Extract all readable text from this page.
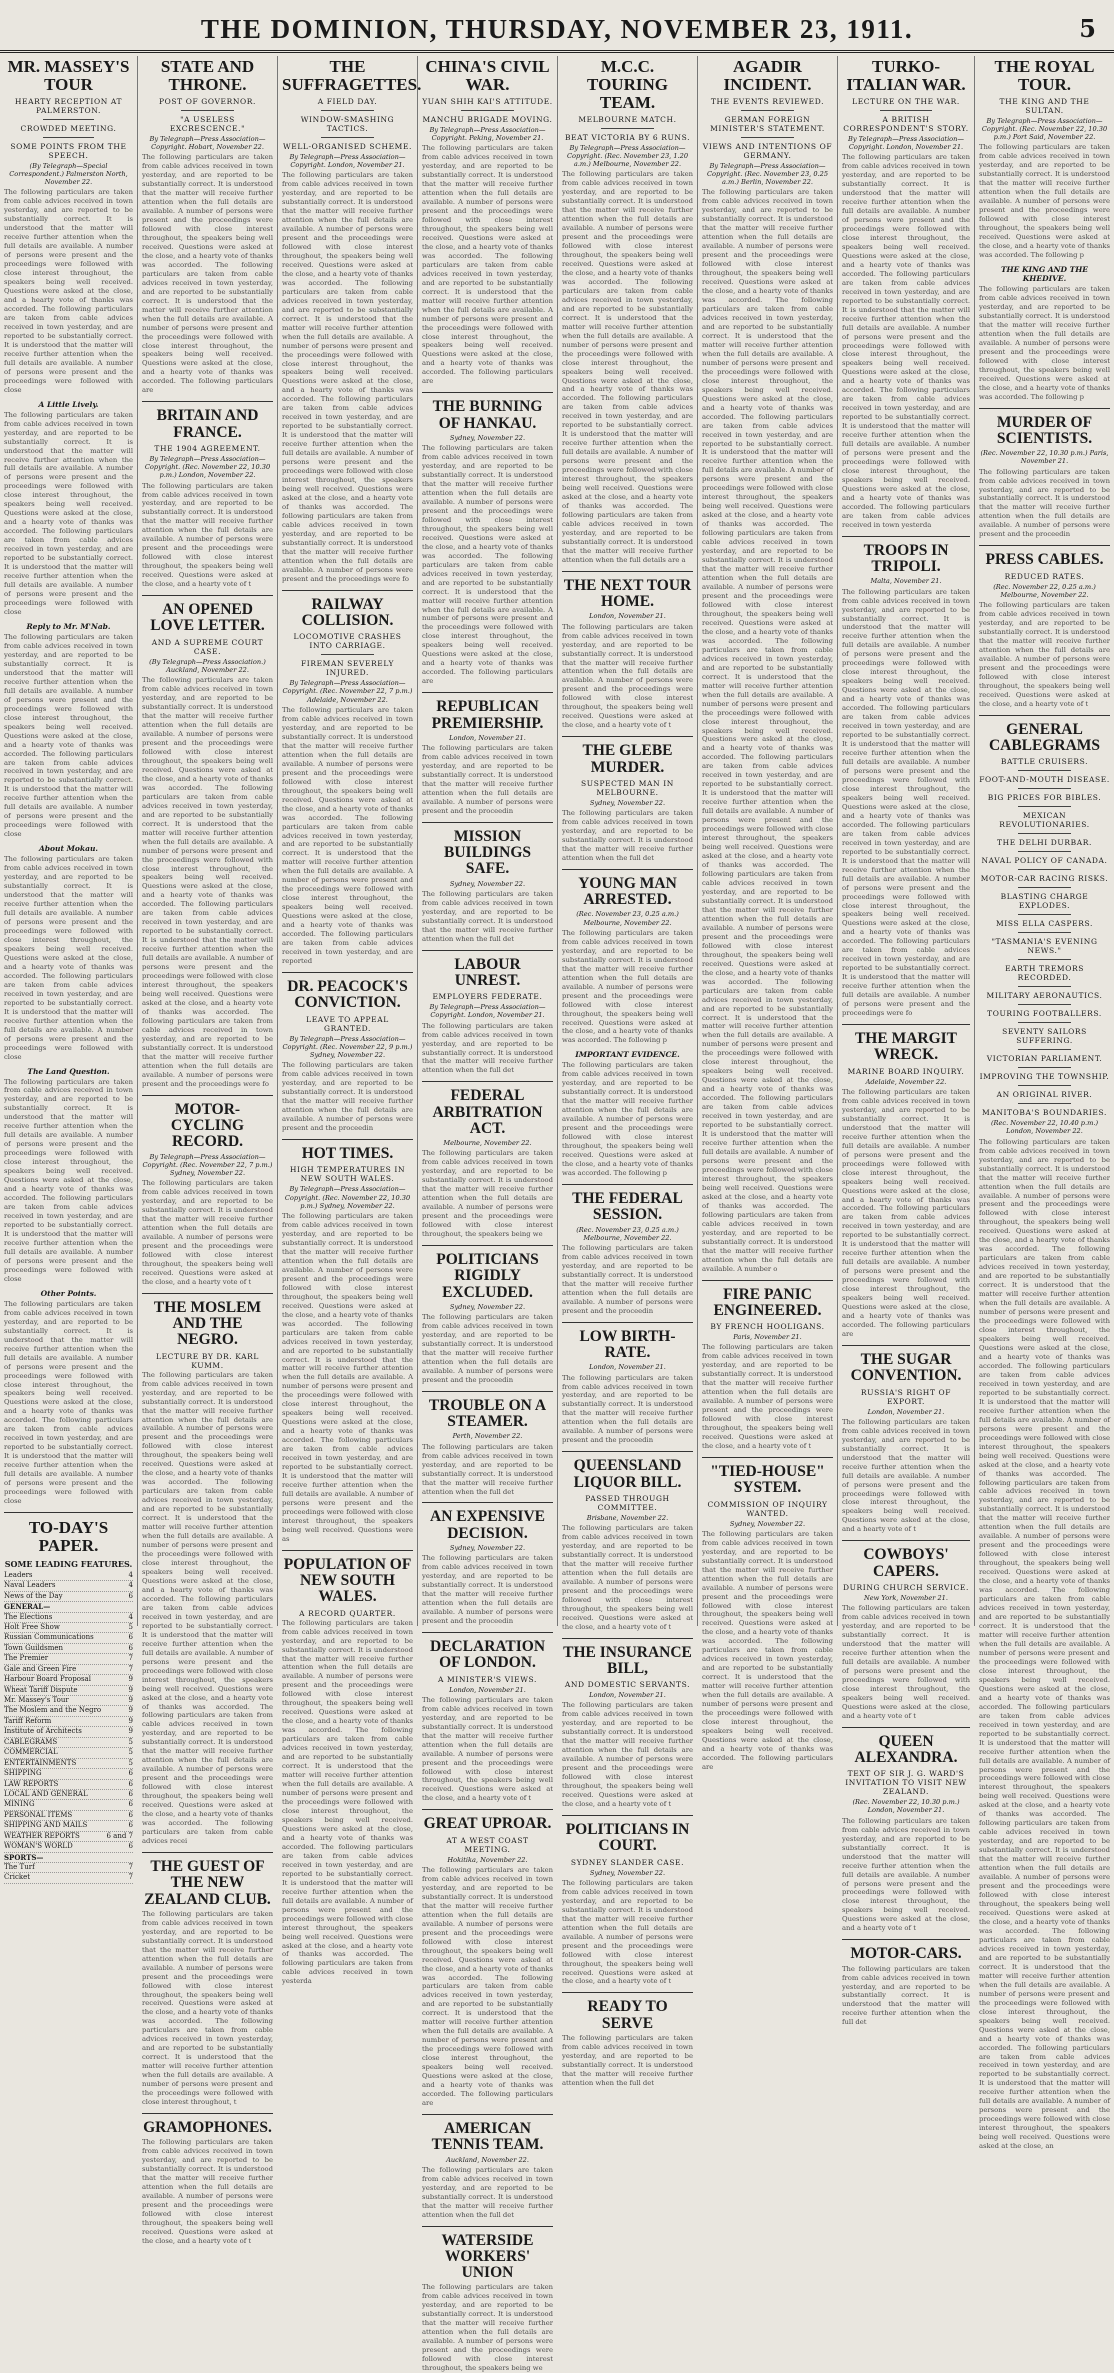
THE DOMINION, THURSDAY, NOVEMBER 23, 1911.	5
MR. MASSEY'S TOUR
HEARTY RECEPTION AT PALMERSTON.
CROWDED MEETING.
SOME POINTS FROM THE SPEECH.
(By Telegraph—Special Correspondent.) Palmerston North, November 22.

The following particulars are taken from cable advices received in town yesterday, and are reported to be substantially correct. It is understood that the matter will receive further attention when the full details are available. A number of persons were present and the proceedings were followed with close interest throughout, the speakers being well received. Questions were asked at the close, and a hearty vote of thanks was accorded. The following particulars are taken from cable advices received in town yesterday, and are reported to be substantially correct. It is understood that the matter will receive further attention when the full details are available. A number of persons were present and the proceedings were followed with close

A Little Lively.

The following particulars are taken from cable advices received in town yesterday, and are reported to be substantially correct. It is understood that the matter will receive further attention when the full details are available. A number of persons were present and the proceedings were followed with close interest throughout, the speakers being well received. Questions were asked at the close, and a hearty vote of thanks was accorded. The following particulars are taken from cable advices received in town yesterday, and are reported to be substantially correct. It is understood that the matter will receive further attention when the full details are available. A number of persons were present and the proceedings were followed with close

Reply to Mr. M'Nab.

The following particulars are taken from cable advices received in town yesterday, and are reported to be substantially correct. It is understood that the matter will receive further attention when the full details are available. A number of persons were present and the proceedings were followed with close interest throughout, the speakers being well received. Questions were asked at the close, and a hearty vote of thanks was accorded. The following particulars are taken from cable advices received in town yesterday, and are reported to be substantially correct. It is understood that the matter will receive further attention when the full details are available. A number of persons were present and the proceedings were followed with close

About Mokau.

The following particulars are taken from cable advices received in town yesterday, and are reported to be substantially correct. It is understood that the matter will receive further attention when the full details are available. A number of persons were present and the proceedings were followed with close interest throughout, the speakers being well received. Questions were asked at the close, and a hearty vote of thanks was accorded. The following particulars are taken from cable advices received in town yesterday, and are reported to be substantially correct. It is understood that the matter will receive further attention when the full details are available. A number of persons were present and the proceedings were followed with close

The Land Question.

The following particulars are taken from cable advices received in town yesterday, and are reported to be substantially correct. It is understood that the matter will receive further attention when the full details are available. A number of persons were present and the proceedings were followed with close interest throughout, the speakers being well received. Questions were asked at the close, and a hearty vote of thanks was accorded. The following particulars are taken from cable advices received in town yesterday, and are reported to be substantially correct. It is understood that the matter will receive further attention when the full details are available. A number of persons were present and the proceedings were followed with close

Other Points.

The following particulars are taken from cable advices received in town yesterday, and are reported to be substantially correct. It is understood that the matter will receive further attention when the full details are available. A number of persons were present and the proceedings were followed with close interest throughout, the speakers being well received. Questions were asked at the close, and a hearty vote of thanks was accorded. The following particulars are taken from cable advices received in town yesterday, and are reported to be substantially correct. It is understood that the matter will receive further attention when the full details are available. A number of persons were present and the proceedings were followed with close

TO-DAY'S PAPER.
SOME LEADING FEATURES.
Leaders	4
Naval Leaders	4
News of the Day	6
GENERAL—
The Elections	4
Holt Free Show	5
Russian Communications	6
Town Guildsmen	6
The Premier	7
Gale and Green Fire	7
Harbour Board Proposal	9
Wheat Tariff Dispute	9
Mr. Massey's Tour	9
The Moslem and the Negro	9
Tariff Reform	9
Institute of Architects	9
CABLEGRAMS	5
COMMERCIAL	5
ENTERTAINMENTS	5
SHIPPING	6
LAW REPORTS	6
LOCAL AND GENERAL	6
MINING	6
PERSONAL ITEMS	6
SHIPPING AND MAILS	6
WEATHER REPORTS	6 and 7
WOMAN'S WORLD	6
SPORTS—
The Turf	7
Cricket	7
STATE AND THRONE.
POST OF GOVERNOR.
"A USELESS EXCRESCENCE."
By Telegraph—Press Association—Copyright. Hobart, November 22.

The following particulars are taken from cable advices received in town yesterday, and are reported to be substantially correct. It is understood that the matter will receive further attention when the full details are available. A number of persons were present and the proceedings were followed with close interest throughout, the speakers being well received. Questions were asked at the close, and a hearty vote of thanks was accorded. The following particulars are taken from cable advices received in town yesterday, and are reported to be substantially correct. It is understood that the matter will receive further attention when the full details are available. A number of persons were present and the proceedings were followed with close interest throughout, the speakers being well received. Questions were asked at the close, and a hearty vote of thanks was accorded. The following particulars are

BRITAIN AND FRANCE.
THE 1904 AGREEMENT.
By Telegraph—Press Association—Copyright. (Rec. November 22, 10.30 p.m.) London, November 22.

The following particulars are taken from cable advices received in town yesterday, and are reported to be substantially correct. It is understood that the matter will receive further attention when the full details are available. A number of persons were present and the proceedings were followed with close interest throughout, the speakers being well received. Questions were asked at the close, and a hearty vote of t

AN OPENED LOVE LETTER.
AND A SUPREME COURT CASE.
(By Telegraph—Press Association.) Auckland, November 22.

The following particulars are taken from cable advices received in town yesterday, and are reported to be substantially correct. It is understood that the matter will receive further attention when the full details are available. A number of persons were present and the proceedings were followed with close interest throughout, the speakers being well received. Questions were asked at the close, and a hearty vote of thanks was accorded. The following particulars are taken from cable advices received in town yesterday, and are reported to be substantially correct. It is understood that the matter will receive further attention when the full details are available. A number of persons were present and the proceedings were followed with close interest throughout, the speakers being well received. Questions were asked at the close, and a hearty vote of thanks was accorded. The following particulars are taken from cable advices received in town yesterday, and are reported to be substantially correct. It is understood that the matter will receive further attention when the full details are available. A number of persons were present and the proceedings were followed with close interest throughout, the speakers being well received. Questions were asked at the close, and a hearty vote of thanks was accorded. The following particulars are taken from cable advices received in town yesterday, and are reported to be substantially correct. It is understood that the matter will receive further attention when the full details are available. A number of persons were present and the proceedings were fo

MOTOR-CYCLING RECORD.
By Telegraph—Press Association—Copyright. (Rec. November 22, 7 p.m.) Sydney, November 22.

The following particulars are taken from cable advices received in town yesterday, and are reported to be substantially correct. It is understood that the matter will receive further attention when the full details are available. A number of persons were present and the proceedings were followed with close interest throughout, the speakers being well received. Questions were asked at the close, and a hearty vote of t

THE MOSLEM AND THE NEGRO.
LECTURE BY DR. KARL KUMM.

The following particulars are taken from cable advices received in town yesterday, and are reported to be substantially correct. It is understood that the matter will receive further attention when the full details are available. A number of persons were present and the proceedings were followed with close interest throughout, the speakers being well received. Questions were asked at the close, and a hearty vote of thanks was accorded. The following particulars are taken from cable advices received in town yesterday, and are reported to be substantially correct. It is understood that the matter will receive further attention when the full details are available. A number of persons were present and the proceedings were followed with close interest throughout, the speakers being well received. Questions were asked at the close, and a hearty vote of thanks was accorded. The following particulars are taken from cable advices received in town yesterday, and are reported to be substantially correct. It is understood that the matter will receive further attention when the full details are available. A number of persons were present and the proceedings were followed with close interest throughout, the speakers being well received. Questions were asked at the close, and a hearty vote of thanks was accorded. The following particulars are taken from cable advices received in town yesterday, and are reported to be substantially correct. It is understood that the matter will receive further attention when the full details are available. A number of persons were present and the proceedings were followed with close interest throughout, the speakers being well received. Questions were asked at the close, and a hearty vote of thanks was accorded. The following particulars are taken from cable advices recei

THE GUEST OF THE NEW ZEALAND CLUB.

The following particulars are taken from cable advices received in town yesterday, and are reported to be substantially correct. It is understood that the matter will receive further attention when the full details are available. A number of persons were present and the proceedings were followed with close interest throughout, the speakers being well received. Questions were asked at the close, and a hearty vote of thanks was accorded. The following particulars are taken from cable advices received in town yesterday, and are reported to be substantially correct. It is understood that the matter will receive further attention when the full details are available. A number of persons were present and the proceedings were followed with close interest throughout, t

GRAMOPHONES.

The following particulars are taken from cable advices received in town yesterday, and are reported to be substantially correct. It is understood that the matter will receive further attention when the full details are available. A number of persons were present and the proceedings were followed with close interest throughout, the speakers being well received. Questions were asked at the close, and a hearty vote of t

THE SUFFRAGETTES.
A FIELD DAY.
WINDOW-SMASHING TACTICS.
WELL-ORGANISED SCHEME.
By Telegraph—Press Association—Copyright. London, November 21.

The following particulars are taken from cable advices received in town yesterday, and are reported to be substantially correct. It is understood that the matter will receive further attention when the full details are available. A number of persons were present and the proceedings were followed with close interest throughout, the speakers being well received. Questions were asked at the close, and a hearty vote of thanks was accorded. The following particulars are taken from cable advices received in town yesterday, and are reported to be substantially correct. It is understood that the matter will receive further attention when the full details are available. A number of persons were present and the proceedings were followed with close interest throughout, the speakers being well received. Questions were asked at the close, and a hearty vote of thanks was accorded. The following particulars are taken from cable advices received in town yesterday, and are reported to be substantially correct. It is understood that the matter will receive further attention when the full details are available. A number of persons were present and the proceedings were followed with close interest throughout, the speakers being well received. Questions were asked at the close, and a hearty vote of thanks was accorded. The following particulars are taken from cable advices received in town yesterday, and are reported to be substantially correct. It is understood that the matter will receive further attention when the full details are available. A number of persons were present and the proceedings were fo

RAILWAY COLLISION.
LOCOMOTIVE CRASHES INTO CARRIAGE.
FIREMAN SEVERELY INJURED.
By Telegraph—Press Association—Copyright. (Rec. November 22, 7 p.m.) Adelaide, November 22.

The following particulars are taken from cable advices received in town yesterday, and are reported to be substantially correct. It is understood that the matter will receive further attention when the full details are available. A number of persons were present and the proceedings were followed with close interest throughout, the speakers being well received. Questions were asked at the close, and a hearty vote of thanks was accorded. The following particulars are taken from cable advices received in town yesterday, and are reported to be substantially correct. It is understood that the matter will receive further attention when the full details are available. A number of persons were present and the proceedings were followed with close interest throughout, the speakers being well received. Questions were asked at the close, and a hearty vote of thanks was accorded. The following particulars are taken from cable advices received in town yesterday, and are reported

DR. PEACOCK'S CONVICTION.
LEAVE TO APPEAL GRANTED.
By Telegraph—Press Association—Copyright. (Rec. November 22, 9 p.m.) Sydney, November 22.

The following particulars are taken from cable advices received in town yesterday, and are reported to be substantially correct. It is understood that the matter will receive further attention when the full details are available. A number of persons were present and the proceedin

HOT TIMES.
HIGH TEMPERATURES IN NEW SOUTH WALES.
By Telegraph—Press Association—Copyright. (Rec. November 22, 10.30 p.m.) Sydney, November 22.

The following particulars are taken from cable advices received in town yesterday, and are reported to be substantially correct. It is understood that the matter will receive further attention when the full details are available. A number of persons were present and the proceedings were followed with close interest throughout, the speakers being well received. Questions were asked at the close, and a hearty vote of thanks was accorded. The following particulars are taken from cable advices received in town yesterday, and are reported to be substantially correct. It is understood that the matter will receive further attention when the full details are available. A number of persons were present and the proceedings were followed with close interest throughout, the speakers being well received. Questions were asked at the close, and a hearty vote of thanks was accorded. The following particulars are taken from cable advices received in town yesterday, and are reported to be substantially correct. It is understood that the matter will receive further attention when the full details are available. A number of persons were present and the proceedings were followed with close interest throughout, the speakers being well received. Questions were as

POPULATION OF NEW SOUTH WALES.
A RECORD QUARTER.

The following particulars are taken from cable advices received in town yesterday, and are reported to be substantially correct. It is understood that the matter will receive further attention when the full details are available. A number of persons were present and the proceedings were followed with close interest throughout, the speakers being well received. Questions were asked at the close, and a hearty vote of thanks was accorded. The following particulars are taken from cable advices received in town yesterday, and are reported to be substantially correct. It is understood that the matter will receive further attention when the full details are available. A number of persons were present and the proceedings were followed with close interest throughout, the speakers being well received. Questions were asked at the close, and a hearty vote of thanks was accorded. The following particulars are taken from cable advices received in town yesterday, and are reported to be substantially correct. It is understood that the matter will receive further attention when the full details are available. A number of persons were present and the proceedings were followed with close interest throughout, the speakers being well received. Questions were asked at the close, and a hearty vote of thanks was accorded. The following particulars are taken from cable advices received in town yesterda

CHINA'S CIVIL WAR.
YUAN SHIH KAI'S ATTITUDE.
MANCHU BRIGADE MOVING.
By Telegraph—Press Association—Copyright. Peking, November 21.

The following particulars are taken from cable advices received in town yesterday, and are reported to be substantially correct. It is understood that the matter will receive further attention when the full details are available. A number of persons were present and the proceedings were followed with close interest throughout, the speakers being well received. Questions were asked at the close, and a hearty vote of thanks was accorded. The following particulars are taken from cable advices received in town yesterday, and are reported to be substantially correct. It is understood that the matter will receive further attention when the full details are available. A number of persons were present and the proceedings were followed with close interest throughout, the speakers being well received. Questions were asked at the close, and a hearty vote of thanks was accorded. The following particulars are

THE BURNING OF HANKAU.
Sydney, November 22.

The following particulars are taken from cable advices received in town yesterday, and are reported to be substantially correct. It is understood that the matter will receive further attention when the full details are available. A number of persons were present and the proceedings were followed with close interest throughout, the speakers being well received. Questions were asked at the close, and a hearty vote of thanks was accorded. The following particulars are taken from cable advices received in town yesterday, and are reported to be substantially correct. It is understood that the matter will receive further attention when the full details are available. A number of persons were present and the proceedings were followed with close interest throughout, the speakers being well received. Questions were asked at the close, and a hearty vote of thanks was accorded. The following particulars are

REPUBLICAN PREMIERSHIP.
London, November 21.

The following particulars are taken from cable advices received in town yesterday, and are reported to be substantially correct. It is understood that the matter will receive further attention when the full details are available. A number of persons were present and the proceedin

MISSION BUILDINGS SAFE.
Sydney, November 22.

The following particulars are taken from cable advices received in town yesterday, and are reported to be substantially correct. It is understood that the matter will receive further attention when the full det

LABOUR UNREST.
EMPLOYERS FEDERATE.
By Telegraph—Press Association—Copyright. London, November 21.

The following particulars are taken from cable advices received in town yesterday, and are reported to be substantially correct. It is understood that the matter will receive further attention when the full det

FEDERAL ARBITRATION ACT.
Melbourne, November 22.

The following particulars are taken from cable advices received in town yesterday, and are reported to be substantially correct. It is understood that the matter will receive further attention when the full details are available. A number of persons were present and the proceedings were followed with close interest throughout, the speakers being we

POLITICIANS RIGIDLY EXCLUDED.
Sydney, November 22.

The following particulars are taken from cable advices received in town yesterday, and are reported to be substantially correct. It is understood that the matter will receive further attention when the full details are available. A number of persons were present and the proceedin

TROUBLE ON A STEAMER.
Perth, November 22.

The following particulars are taken from cable advices received in town yesterday, and are reported to be substantially correct. It is understood that the matter will receive further attention when the full det

AN EXPENSIVE DECISION.
Sydney, November 22.

The following particulars are taken from cable advices received in town yesterday, and are reported to be substantially correct. It is understood that the matter will receive further attention when the full details are available. A number of persons were present and the proceedin

DECLARATION OF LONDON.
A MINISTER'S VIEWS.
London, November 21.

The following particulars are taken from cable advices received in town yesterday, and are reported to be substantially correct. It is understood that the matter will receive further attention when the full details are available. A number of persons were present and the proceedings were followed with close interest throughout, the speakers being well received. Questions were asked at the close, and a hearty vote of t

GREAT UPROAR.
AT A WEST COAST MEETING.
Hokitika, November 22.

The following particulars are taken from cable advices received in town yesterday, and are reported to be substantially correct. It is understood that the matter will receive further attention when the full details are available. A number of persons were present and the proceedings were followed with close interest throughout, the speakers being well received. Questions were asked at the close, and a hearty vote of thanks was accorded. The following particulars are taken from cable advices received in town yesterday, and are reported to be substantially correct. It is understood that the matter will receive further attention when the full details are available. A number of persons were present and the proceedings were followed with close interest throughout, the speakers being well received. Questions were asked at the close, and a hearty vote of thanks was accorded. The following particulars are

AMERICAN TENNIS TEAM.
Auckland, November 22.

The following particulars are taken from cable advices received in town yesterday, and are reported to be substantially correct. It is understood that the matter will receive further attention when the full det

WATERSIDE WORKERS' UNION

The following particulars are taken from cable advices received in town yesterday, and are reported to be substantially correct. It is understood that the matter will receive further attention when the full details are available. A number of persons were present and the proceedings were followed with close interest throughout, the speakers being we

M.C.C. TOURING TEAM.
MELBOURNE MATCH.
BEAT VICTORIA BY 6 RUNS.
By Telegraph—Press Association—Copyright. (Rec. November 23, 1.20 a.m.) Melbourne, November 22.

The following particulars are taken from cable advices received in town yesterday, and are reported to be substantially correct. It is understood that the matter will receive further attention when the full details are available. A number of persons were present and the proceedings were followed with close interest throughout, the speakers being well received. Questions were asked at the close, and a hearty vote of thanks was accorded. The following particulars are taken from cable advices received in town yesterday, and are reported to be substantially correct. It is understood that the matter will receive further attention when the full details are available. A number of persons were present and the proceedings were followed with close interest throughout, the speakers being well received. Questions were asked at the close, and a hearty vote of thanks was accorded. The following particulars are taken from cable advices received in town yesterday, and are reported to be substantially correct. It is understood that the matter will receive further attention when the full details are available. A number of persons were present and the proceedings were followed with close interest throughout, the speakers being well received. Questions were asked at the close, and a hearty vote of thanks was accorded. The following particulars are taken from cable advices received in town yesterday, and are reported to be substantially correct. It is understood that the matter will receive further attention when the full details are a

THE NEXT TOUR HOME.
London, November 21.

The following particulars are taken from cable advices received in town yesterday, and are reported to be substantially correct. It is understood that the matter will receive further attention when the full details are available. A number of persons were present and the proceedings were followed with close interest throughout, the speakers being well received. Questions were asked at the close, and a hearty vote of t

THE GLEBE MURDER.
SUSPECTED MAN IN MELBOURNE.
Sydney, November 22.

The following particulars are taken from cable advices received in town yesterday, and are reported to be substantially correct. It is understood that the matter will receive further attention when the full det

YOUNG MAN ARRESTED.
(Rec. November 23, 0.25 a.m.) Melbourne, November 22.

The following particulars are taken from cable advices received in town yesterday, and are reported to be substantially correct. It is understood that the matter will receive further attention when the full details are available. A number of persons were present and the proceedings were followed with close interest throughout, the speakers being well received. Questions were asked at the close, and a hearty vote of thanks was accorded. The following p

IMPORTANT EVIDENCE.

The following particulars are taken from cable advices received in town yesterday, and are reported to be substantially correct. It is understood that the matter will receive further attention when the full details are available. A number of persons were present and the proceedings were followed with close interest throughout, the speakers being well received. Questions were asked at the close, and a hearty vote of thanks was accorded. The following p

THE FEDERAL SESSION.
(Rec. November 23, 0.25 a.m.) Melbourne, November 22.

The following particulars are taken from cable advices received in town yesterday, and are reported to be substantially correct. It is understood that the matter will receive further attention when the full details are available. A number of persons were present and the proceedin

LOW BIRTH-RATE.
London, November 21.

The following particulars are taken from cable advices received in town yesterday, and are reported to be substantially correct. It is understood that the matter will receive further attention when the full details are available. A number of persons were present and the proceedin

QUEENSLAND LIQUOR BILL.
PASSED THROUGH COMMITTEE.
Brisbane, November 22.

The following particulars are taken from cable advices received in town yesterday, and are reported to be substantially correct. It is understood that the matter will receive further attention when the full details are available. A number of persons were present and the proceedings were followed with close interest throughout, the speakers being well received. Questions were asked at the close, and a hearty vote of t

THE INSURANCE BILL,
AND DOMESTIC SERVANTS.
London, November 21.

The following particulars are taken from cable advices received in town yesterday, and are reported to be substantially correct. It is understood that the matter will receive further attention when the full details are available. A number of persons were present and the proceedings were followed with close interest throughout, the speakers being well received. Questions were asked at the close, and a hearty vote of t

POLITICIANS IN COURT.
SYDNEY SLANDER CASE.
Sydney, November 22.

The following particulars are taken from cable advices received in town yesterday, and are reported to be substantially correct. It is understood that the matter will receive further attention when the full details are available. A number of persons were present and the proceedings were followed with close interest throughout, the speakers being well received. Questions were asked at the close, and a hearty vote of t

READY TO SERVE

The following particulars are taken from cable advices received in town yesterday, and are reported to be substantially correct. It is understood that the matter will receive further attention when the full det

AGADIR INCIDENT.
THE EVENTS REVIEWED.
GERMAN FOREIGN MINISTER'S STATEMENT.
VIEWS AND INTENTIONS OF GERMANY.
By Telegraph—Press Association—Copyright. (Rec. November 23, 0.25 a.m.) Berlin, November 22.

The following particulars are taken from cable advices received in town yesterday, and are reported to be substantially correct. It is understood that the matter will receive further attention when the full details are available. A number of persons were present and the proceedings were followed with close interest throughout, the speakers being well received. Questions were asked at the close, and a hearty vote of thanks was accorded. The following particulars are taken from cable advices received in town yesterday, and are reported to be substantially correct. It is understood that the matter will receive further attention when the full details are available. A number of persons were present and the proceedings were followed with close interest throughout, the speakers being well received. Questions were asked at the close, and a hearty vote of thanks was accorded. The following particulars are taken from cable advices received in town yesterday, and are reported to be substantially correct. It is understood that the matter will receive further attention when the full details are available. A number of persons were present and the proceedings were followed with close interest throughout, the speakers being well received. Questions were asked at the close, and a hearty vote of thanks was accorded. The following particulars are taken from cable advices received in town yesterday, and are reported to be substantially correct. It is understood that the matter will receive further attention when the full details are available. A number of persons were present and the proceedings were followed with close interest throughout, the speakers being well received. Questions were asked at the close, and a hearty vote of thanks was accorded. The following particulars are taken from cable advices received in town yesterday, and are reported to be substantially correct. It is understood that the matter will receive further attention when the full details are available. A number of persons were present and the proceedings were followed with close interest throughout, the speakers being well received. Questions were asked at the close, and a hearty vote of thanks was accorded. The following particulars are taken from cable advices received in town yesterday, and are reported to be substantially correct. It is understood that the matter will receive further attention when the full details are available. A number of persons were present and the proceedings were followed with close interest throughout, the speakers being well received. Questions were asked at the close, and a hearty vote of thanks was accorded. The following particulars are taken from cable advices received in town yesterday, and are reported to be substantially correct. It is understood that the matter will receive further attention when the full details are available. A number of persons were present and the proceedings were followed with close interest throughout, the speakers being well received. Questions were asked at the close, and a hearty vote of thanks was accorded. The following particulars are taken from cable advices received in town yesterday, and are reported to be substantially correct. It is understood that the matter will receive further attention when the full details are available. A number of persons were present and the proceedings were followed with close interest throughout, the speakers being well received. Questions were asked at the close, and a hearty vote of thanks was accorded. The following particulars are taken from cable advices received in town yesterday, and are reported to be substantially correct. It is understood that the matter will receive further attention when the full details are available. A number of persons were present and the proceedings were followed with close interest throughout, the speakers being well received. Questions were asked at the close, and a hearty vote of thanks was accorded. The following particulars are taken from cable advices received in town yesterday, and are reported to be substantially correct. It is understood that the matter will receive further attention when the full details are available. A number o

FIRE PANIC ENGINEERED.
BY FRENCH HOOLIGANS.
Paris, November 21.

The following particulars are taken from cable advices received in town yesterday, and are reported to be substantially correct. It is understood that the matter will receive further attention when the full details are available. A number of persons were present and the proceedings were followed with close interest throughout, the speakers being well received. Questions were asked at the close, and a hearty vote of t

"TIED-HOUSE" SYSTEM.
COMMISSION OF INQUIRY WANTED.
Sydney, November 22.

The following particulars are taken from cable advices received in town yesterday, and are reported to be substantially correct. It is understood that the matter will receive further attention when the full details are available. A number of persons were present and the proceedings were followed with close interest throughout, the speakers being well received. Questions were asked at the close, and a hearty vote of thanks was accorded. The following particulars are taken from cable advices received in town yesterday, and are reported to be substantially correct. It is understood that the matter will receive further attention when the full details are available. A number of persons were present and the proceedings were followed with close interest throughout, the speakers being well received. Questions were asked at the close, and a hearty vote of thanks was accorded. The following particulars are

TURKO-ITALIAN WAR.
LECTURE ON THE WAR.
A BRITISH CORRESPONDENT'S STORY.
By Telegraph—Press Association—Copyright. London, November 21.

The following particulars are taken from cable advices received in town yesterday, and are reported to be substantially correct. It is understood that the matter will receive further attention when the full details are available. A number of persons were present and the proceedings were followed with close interest throughout, the speakers being well received. Questions were asked at the close, and a hearty vote of thanks was accorded. The following particulars are taken from cable advices received in town yesterday, and are reported to be substantially correct. It is understood that the matter will receive further attention when the full details are available. A number of persons were present and the proceedings were followed with close interest throughout, the speakers being well received. Questions were asked at the close, and a hearty vote of thanks was accorded. The following particulars are taken from cable advices received in town yesterday, and are reported to be substantially correct. It is understood that the matter will receive further attention when the full details are available. A number of persons were present and the proceedings were followed with close interest throughout, the speakers being well received. Questions were asked at the close, and a hearty vote of thanks was accorded. The following particulars are taken from cable advices received in town yesterda

TROOPS IN TRIPOLI.
Malta, November 21.

The following particulars are taken from cable advices received in town yesterday, and are reported to be substantially correct. It is understood that the matter will receive further attention when the full details are available. A number of persons were present and the proceedings were followed with close interest throughout, the speakers being well received. Questions were asked at the close, and a hearty vote of thanks was accorded. The following particulars are taken from cable advices received in town yesterday, and are reported to be substantially correct. It is understood that the matter will receive further attention when the full details are available. A number of persons were present and the proceedings were followed with close interest throughout, the speakers being well received. Questions were asked at the close, and a hearty vote of thanks was accorded. The following particulars are taken from cable advices received in town yesterday, and are reported to be substantially correct. It is understood that the matter will receive further attention when the full details are available. A number of persons were present and the proceedings were followed with close interest throughout, the speakers being well received. Questions were asked at the close, and a hearty vote of thanks was accorded. The following particulars are taken from cable advices received in town yesterday, and are reported to be substantially correct. It is understood that the matter will receive further attention when the full details are available. A number of persons were present and the proceedings were fo

THE MARGIT WRECK.
MARINE BOARD INQUIRY.
Adelaide, November 22.

The following particulars are taken from cable advices received in town yesterday, and are reported to be substantially correct. It is understood that the matter will receive further attention when the full details are available. A number of persons were present and the proceedings were followed with close interest throughout, the speakers being well received. Questions were asked at the close, and a hearty vote of thanks was accorded. The following particulars are taken from cable advices received in town yesterday, and are reported to be substantially correct. It is understood that the matter will receive further attention when the full details are available. A number of persons were present and the proceedings were followed with close interest throughout, the speakers being well received. Questions were asked at the close, and a hearty vote of thanks was accorded. The following particulars are

THE SUGAR CONVENTION.
RUSSIA'S RIGHT OF EXPORT.
London, November 21.

The following particulars are taken from cable advices received in town yesterday, and are reported to be substantially correct. It is understood that the matter will receive further attention when the full details are available. A number of persons were present and the proceedings were followed with close interest throughout, the speakers being well received. Questions were asked at the close, and a hearty vote of t

COWBOYS' CAPERS.
DURING CHURCH SERVICE.
New York, November 21.

The following particulars are taken from cable advices received in town yesterday, and are reported to be substantially correct. It is understood that the matter will receive further attention when the full details are available. A number of persons were present and the proceedings were followed with close interest throughout, the speakers being well received. Questions were asked at the close, and a hearty vote of t

QUEEN ALEXANDRA.
TEXT OF SIR J. G. WARD'S INVITATION TO VISIT NEW ZEALAND.
(Rec. November 22, 10.30 p.m.) London, November 21.

The following particulars are taken from cable advices received in town yesterday, and are reported to be substantially correct. It is understood that the matter will receive further attention when the full details are available. A number of persons were present and the proceedings were followed with close interest throughout, the speakers being well received. Questions were asked at the close, and a hearty vote of t

MOTOR-CARS.

The following particulars are taken from cable advices received in town yesterday, and are reported to be substantially correct. It is understood that the matter will receive further attention when the full det

THE ROYAL TOUR.
THE KING AND THE SULTAN.
By Telegraph—Press Association—Copyright. (Rec. November 22, 10.30 p.m.) Port Said, November 22.

The following particulars are taken from cable advices received in town yesterday, and are reported to be substantially correct. It is understood that the matter will receive further attention when the full details are available. A number of persons were present and the proceedings were followed with close interest throughout, the speakers being well received. Questions were asked at the close, and a hearty vote of thanks was accorded. The following p

THE KING AND THE KHEDIVE.

The following particulars are taken from cable advices received in town yesterday, and are reported to be substantially correct. It is understood that the matter will receive further attention when the full details are available. A number of persons were present and the proceedings were followed with close interest throughout, the speakers being well received. Questions were asked at the close, and a hearty vote of thanks was accorded. The following p

MURDER OF SCIENTISTS.
(Rec. November 22, 10.30 p.m.) Paris, November 21.

The following particulars are taken from cable advices received in town yesterday, and are reported to be substantially correct. It is understood that the matter will receive further attention when the full details are available. A number of persons were present and the proceedin

PRESS CABLES.
REDUCED RATES.
(Rec. November 22, 0.25 a.m.) Melbourne, November 22.

The following particulars are taken from cable advices received in town yesterday, and are reported to be substantially correct. It is understood that the matter will receive further attention when the full details are available. A number of persons were present and the proceedings were followed with close interest throughout, the speakers being well received. Questions were asked at the close, and a hearty vote of t

GENERAL CABLEGRAMS
BATTLE CRUISERS.
FOOT-AND-MOUTH DISEASE.
BIG PRICES FOR BIBLES.
MEXICAN REVOLUTIONARIES.
THE DELHI DURBAR.
NAVAL POLICY OF CANADA.
MOTOR-CAR RACING RISKS.
BLASTING CHARGE EXPLODES.
MISS ELLA CASPERS.
"TASMANIA'S EVENING NEWS."
EARTH TREMORS RECORDED.
MILITARY AERONAUTICS.
TOURING FOOTBALLERS.
SEVENTY SAILORS SUFFERING.
VICTORIAN PARLIAMENT.
IMPROVING THE TOWNSHIP.
AN ORIGINAL RIVER.
MANITOBA'S BOUNDARIES.
(Rec. November 22, 10.40 p.m.) London, November 22.

The following particulars are taken from cable advices received in town yesterday, and are reported to be substantially correct. It is understood that the matter will receive further attention when the full details are available. A number of persons were present and the proceedings were followed with close interest throughout, the speakers being well received. Questions were asked at the close, and a hearty vote of thanks was accorded. The following particulars are taken from cable advices received in town yesterday, and are reported to be substantially correct. It is understood that the matter will receive further attention when the full details are available. A number of persons were present and the proceedings were followed with close interest throughout, the speakers being well received. Questions were asked at the close, and a hearty vote of thanks was accorded. The following particulars are taken from cable advices received in town yesterday, and are reported to be substantially correct. It is understood that the matter will receive further attention when the full details are available. A number of persons were present and the proceedings were followed with close interest throughout, the speakers being well received. Questions were asked at the close, and a hearty vote of thanks was accorded. The following particulars are taken from cable advices received in town yesterday, and are reported to be substantially correct. It is understood that the matter will receive further attention when the full details are available. A number of persons were present and the proceedings were followed with close interest throughout, the speakers being well received. Questions were asked at the close, and a hearty vote of thanks was accorded. The following particulars are taken from cable advices received in town yesterday, and are reported to be substantially correct. It is understood that the matter will receive further attention when the full details are available. A number of persons were present and the proceedings were followed with close interest throughout, the speakers being well received. Questions were asked at the close, and a hearty vote of thanks was accorded. The following particulars are taken from cable advices received in town yesterday, and are reported to be substantially correct. It is understood that the matter will receive further attention when the full details are available. A number of persons were present and the proceedings were followed with close interest throughout, the speakers being well received. Questions were asked at the close, and a hearty vote of thanks was accorded. The following particulars are taken from cable advices received in town yesterday, and are reported to be substantially correct. It is understood that the matter will receive further attention when the full details are available. A number of persons were present and the proceedings were followed with close interest throughout, the speakers being well received. Questions were asked at the close, and a hearty vote of thanks was accorded. The following particulars are taken from cable advices received in town yesterday, and are reported to be substantially correct. It is understood that the matter will receive further attention when the full details are available. A number of persons were present and the proceedings were followed with close interest throughout, the speakers being well received. Questions were asked at the close, and a hearty vote of thanks was accorded. The following particulars are taken from cable advices received in town yesterday, and are reported to be substantially correct. It is understood that the matter will receive further attention when the full details are available. A number of persons were present and the proceedings were followed with close interest throughout, the speakers being well received. Questions were asked at the close, an
